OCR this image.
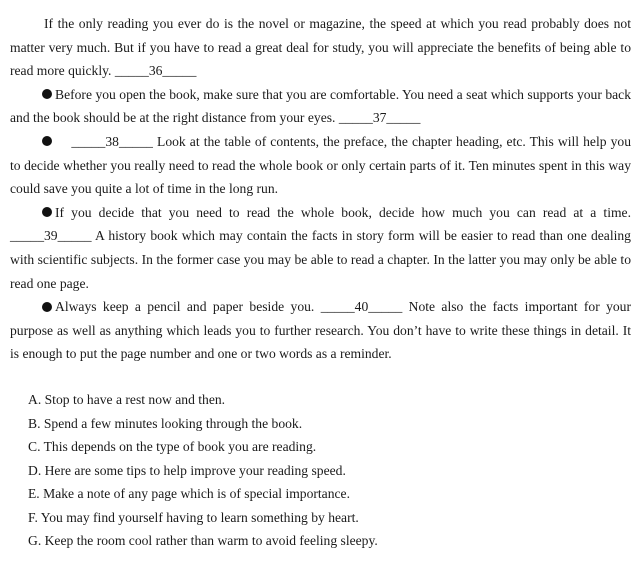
If the only reading you ever do is the novel or magazine, the speed at which you read probably does not matter very much. But if you have to read a great deal for study, you will appreciate the benefits of being able to read more quickly. _____36_____

Before you open the book, make sure that you are comfortable. You need a seat which supports your back and the book should be at the right distance from your eyes. _____37_____

_____38_____ Look at the table of contents, the preface, the chapter heading, etc. This will help you to decide whether you really need to read the whole book or only certain parts of it. Ten minutes spent in this way could save you quite a lot of time in the long run.

If you decide that you need to read the whole book, decide how much you can read at a time. _____39_____ A history book which may contain the facts in story form will be easier to read than one dealing with scientific subjects. In the former case you may be able to read a chapter. In the latter you may only be able to read one page.

Always keep a pencil and paper beside you. _____40_____ Note also the facts important for your purpose as well as anything which leads you to further research. You don’t have to write these things in detail. It is enough to put the page number and one or two words as a reminder.

A. Stop to have a rest now and then.

B. Spend a few minutes looking through the book.

C. This depends on the type of book you are reading.

D. Here are some tips to help improve your reading speed.

E. Make a note of any page which is of special importance.

F. You may find yourself having to learn something by heart.

G. Keep the room cool rather than warm to avoid feeling sleepy.
